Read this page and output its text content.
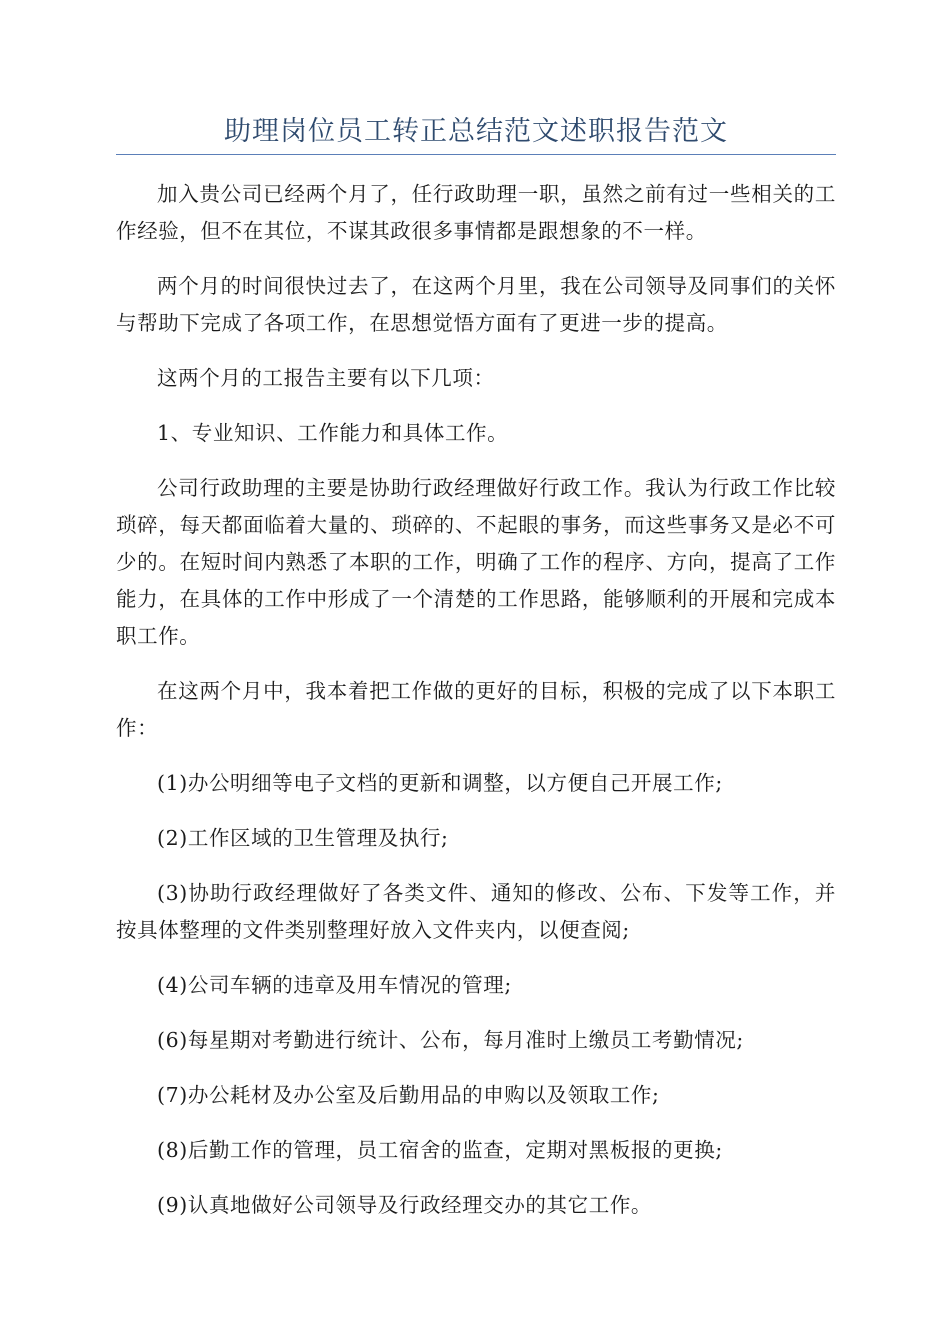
助理岗位员工转正总结范文述职报告范文

加入贵公司已经两个月了，任行政助理一职，虽然之前有过一些相关的工作经验，但不在其位，不谋其政很多事情都是跟想象的不一样。

两个月的时间很快过去了，在这两个月里，我在公司领导及同事们的关怀与帮助下完成了各项工作，在思想觉悟方面有了更进一步的提高。

这两个月的工报告主要有以下几项：

1、专业知识、工作能力和具体工作。

公司行政助理的主要是协助行政经理做好行政工作。我认为行政工作比较琐碎，每天都面临着大量的、琐碎的、不起眼的事务，而这些事务又是必不可少的。在短时间内熟悉了本职的工作，明确了工作的程序、方向，提高了工作能力，在具体的工作中形成了一个清楚的工作思路，能够顺利的开展和完成本职工作。

在这两个月中，我本着把工作做的更好的目标，积极的完成了以下本职工作：

(1)办公明细等电子文档的更新和调整，以方便自己开展工作;

(2)工作区域的卫生管理及执行;

(3)协助行政经理做好了各类文件、通知的修改、公布、下发等工作，并按具体整理的文件类别整理好放入文件夹内，以便查阅;

(4)公司车辆的违章及用车情况的管理;

(6)每星期对考勤进行统计、公布，每月准时上缴员工考勤情况;

(7)办公耗材及办公室及后勤用品的申购以及领取工作;

(8)后勤工作的管理，员工宿舍的监查，定期对黑板报的更换;

(9)认真地做好公司领导及行政经理交办的其它工作。
